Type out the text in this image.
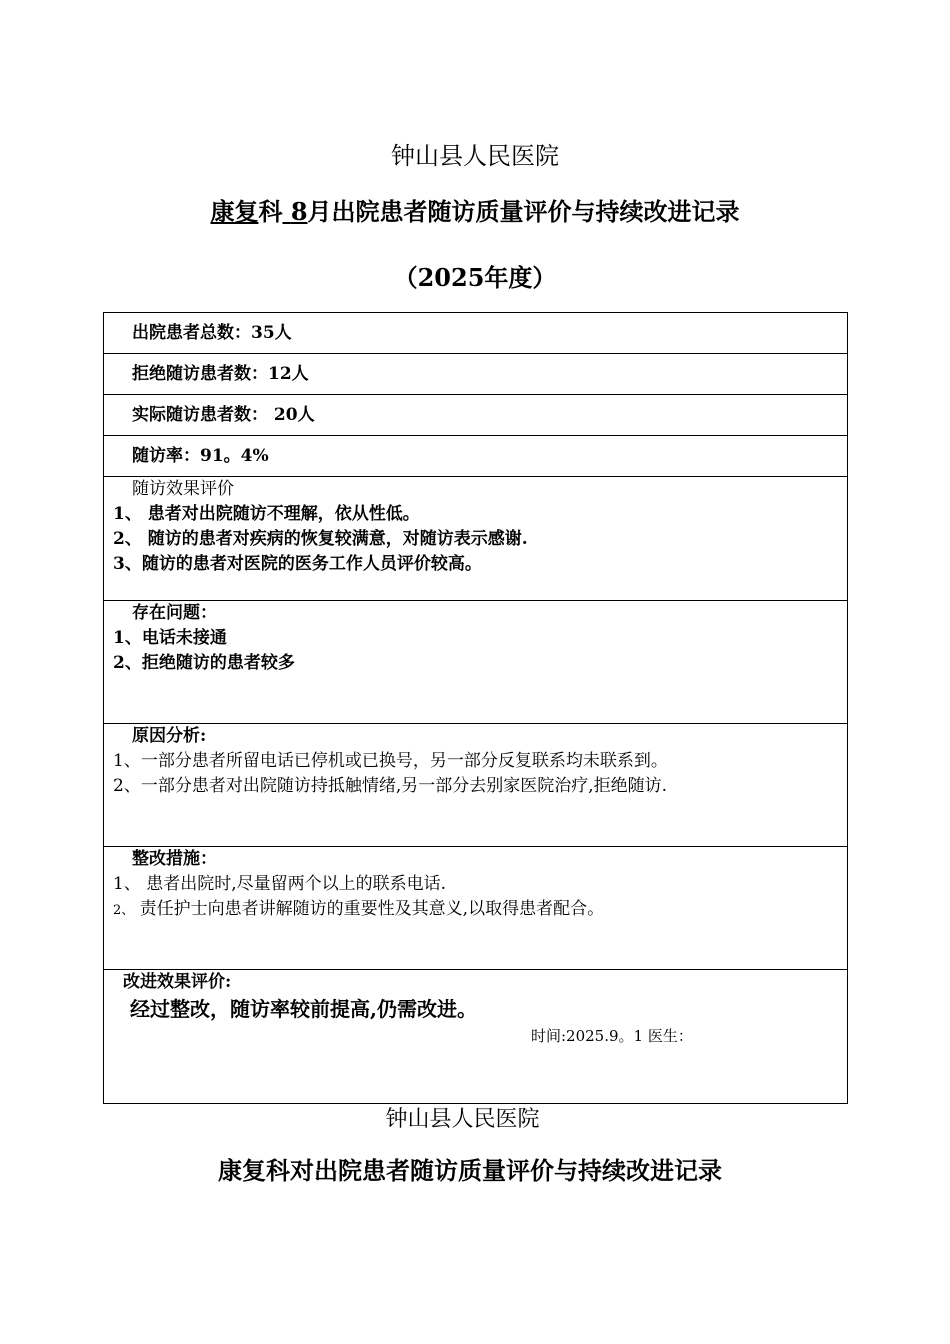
钟山县人民医院
康复科 8月出院患者随访质量评价与持续改进记录
（2025年度）
出院患者总数：35人

拒绝随访患者数：12人

实际随访患者数： 20人

随访率：91。4%

随访效果评价
1、 患者对出院随访不理解，依从性低。
2、 随访的患者对疾病的恢复较满意，对随访表示感谢.
3、随访的患者对医院的医务工作人员评价较高。

存在问题：
1、电话未接通
2、拒绝随访的患者较多

原因分析:
1、一部分患者所留电话已停机或已换号，另一部分反复联系均未联系到。
2、一部分患者对出院随访持抵触情绪,另一部分去别家医院治疗,拒绝随访.

整改措施：
1、 患者出院时,尽量留两个以上的联系电话.
2、 责任护士向患者讲解随访的重要性及其意义,以取得患者配合。

改进效果评价:
经过整改，随访率较前提高,仍需改进。
时间:2025.9。1 医生：
钟山县人民医院
康复科对出院患者随访质量评价与持续改进记录
